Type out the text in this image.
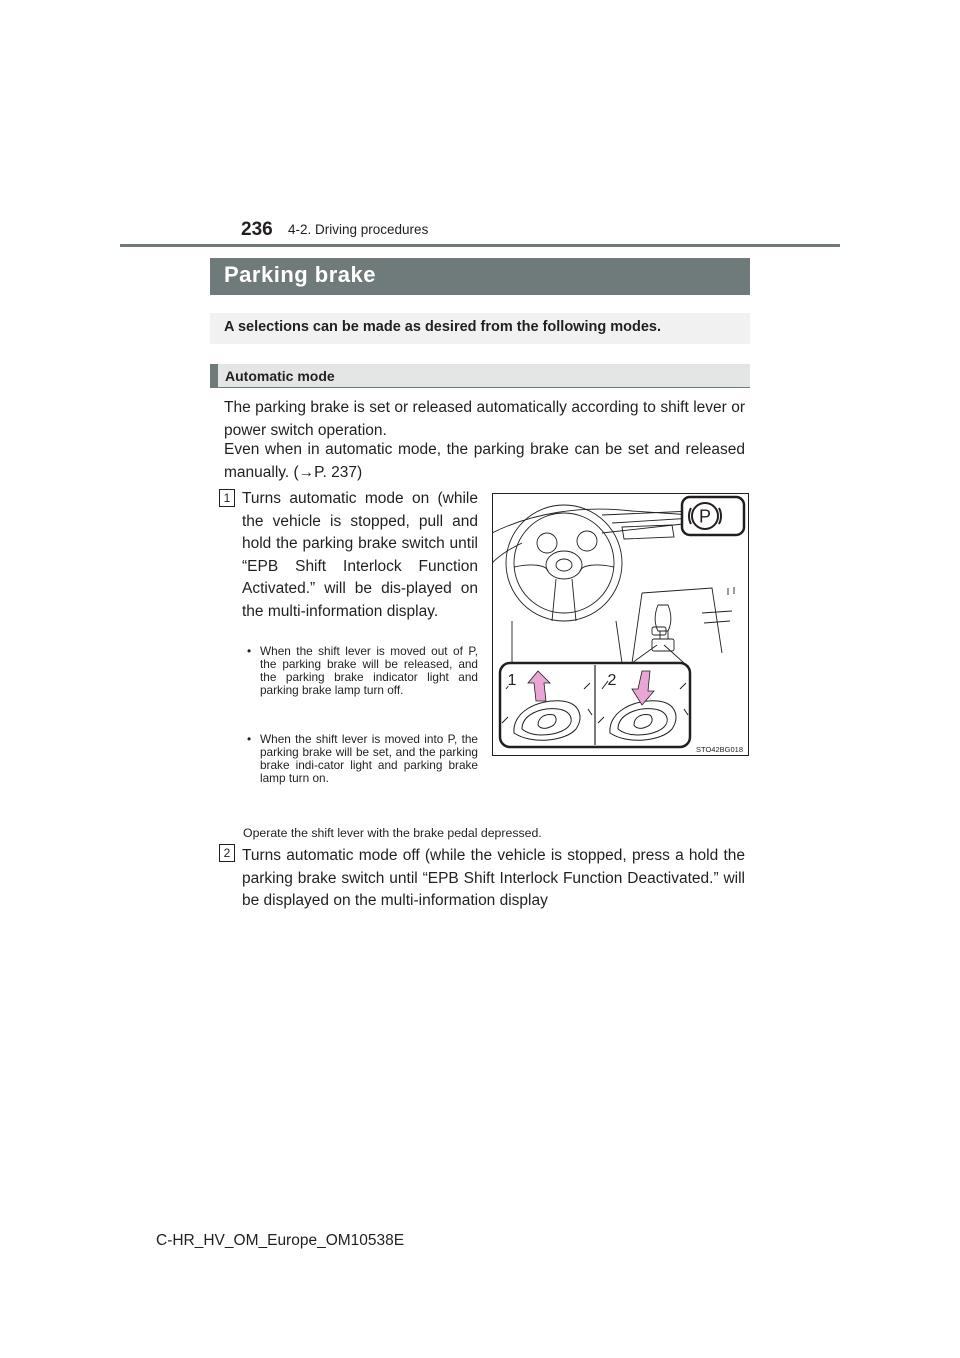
236 4-2. Driving procedures
Parking brake
A selections can be made as desired from the following modes.
Automatic mode
The parking brake is set or released automatically according to shift lever or power switch operation.
Even when in automatic mode, the parking brake can be set and released manually. (→P. 237)
1 Turns automatic mode on (while the vehicle is stopped, pull and hold the parking brake switch until “EPB Shift Interlock Function Activated.” will be dis-played on the multi-information display.
• When the shift lever is moved out of P, the parking brake will be released, and the parking brake indicator light and parking brake lamp turn off.
• When the shift lever is moved into P, the parking brake will be set, and the parking brake indi-cator light and parking brake lamp turn on.
Operate the shift lever with the brake pedal depressed.
2 Turns automatic mode off (while the vehicle is stopped, press a hold the parking brake switch until “EPB Shift Interlock Function Deactivated.” will be displayed on the multi-information display
P
1	2
STO42BG018
C-HR_HV_OM_Europe_OM10538E
